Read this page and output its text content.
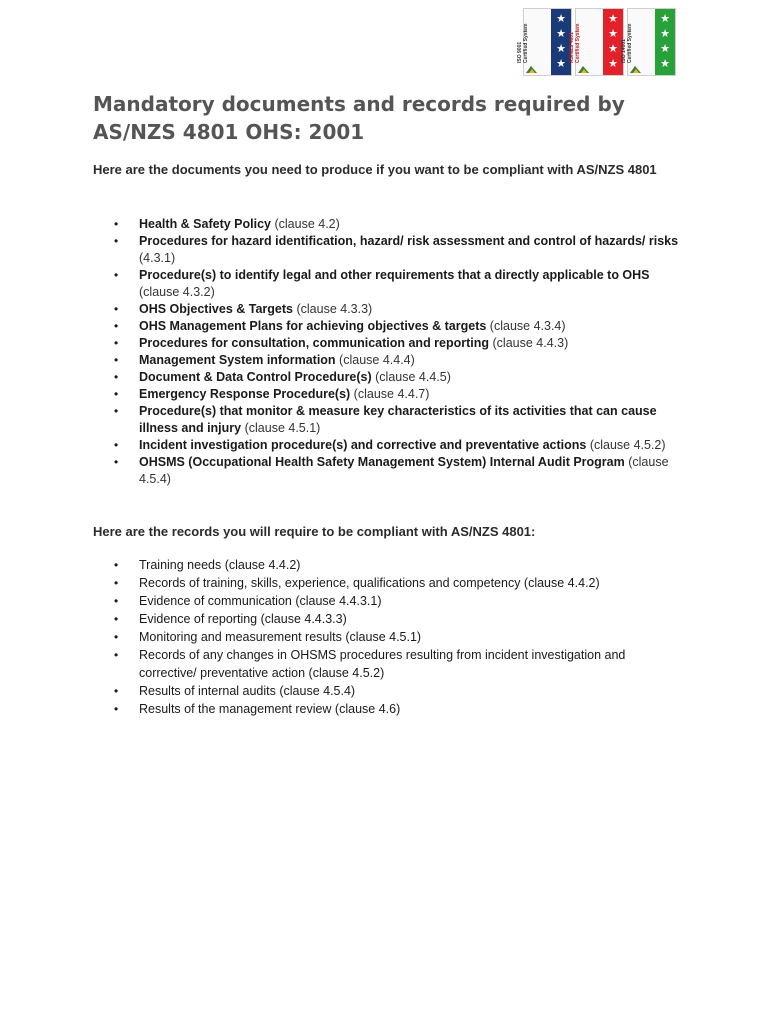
ISO 9001
Certified System
★
★
★
★
AS/NZS 4801
Certified System
★
★
★
★
ISO 14001
Certified System
★
★
★
★
Mandatory documents and records required by AS/NZS 4801 OHS: 2001

Here are the documents you need to produce if you want to be compliant with AS/NZS 4801

• Health & Safety Policy (clause 4.2)
• Procedures for hazard identification, hazard/ risk assessment and control of hazards/ risks (4.3.1)
• Procedure(s) to identify legal and other requirements that a directly applicable to OHS (clause 4.3.2)
• OHS Objectives & Targets (clause 4.3.3)
• OHS Management Plans for achieving objectives & targets (clause 4.3.4)
• Procedures for consultation, communication and reporting (clause 4.4.3)
• Management System information (clause 4.4.4)
• Document & Data Control Procedure(s) (clause 4.4.5)
• Emergency Response Procedure(s) (clause 4.4.7)
• Procedure(s) that monitor & measure key characteristics of its activities that can cause illness and injury (clause 4.5.1)
• Incident investigation procedure(s) and corrective and preventative actions (clause 4.5.2)
• OHSMS (Occupational Health Safety Management System) Internal Audit Program (clause 4.5.4)

Here are the records you will require to be compliant with AS/NZS 4801:

• Training needs (clause 4.4.2)
• Records of training, skills, experience, qualifications and competency (clause 4.4.2)
• Evidence of communication (clause 4.4.3.1)
• Evidence of reporting (clause 4.4.3.3)
• Monitoring and measurement results (clause 4.5.1)
• Records of any changes in OHSMS procedures resulting from incident investigation and corrective/ preventative action (clause 4.5.2)
• Results of internal audits (clause 4.5.4)
• Results of the management review (clause 4.6)
